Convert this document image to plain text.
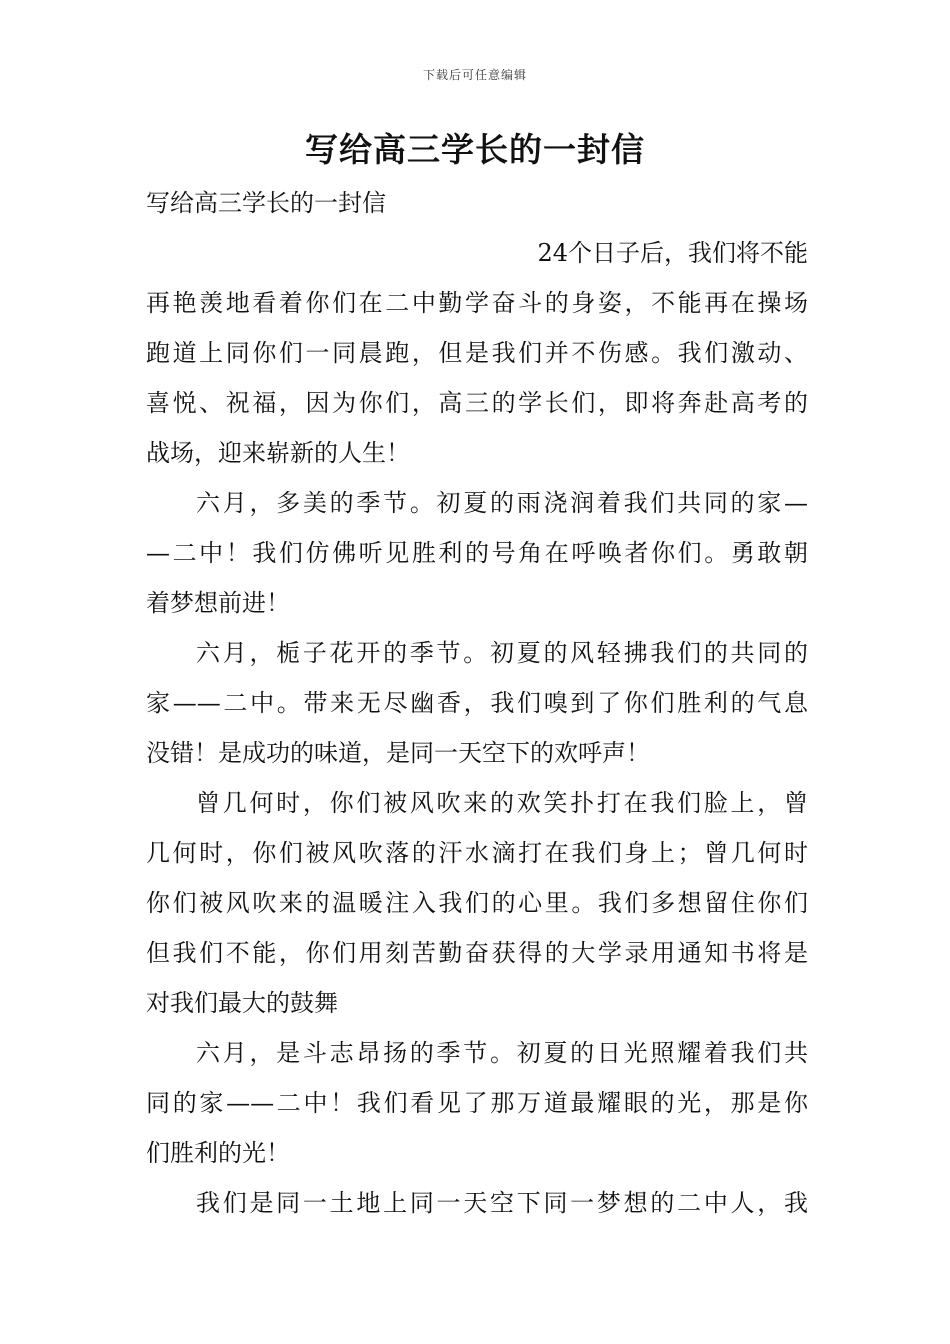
下载后可任意编辑
写给高三学长的一封信
写给高三学长的一封信
24个日子后，我们将不能
再艳羡地看着你们在二中勤学奋斗的身姿，不能再在操场
跑道上同你们一同晨跑，但是我们并不伤感。我们激动、
喜悦、祝福，因为你们，高三的学长们，即将奔赴高考的
战场，迎来崭新的人生！
六月，多美的季节。初夏的雨浇润着我们共同的家—
—二中！我们仿佛听见胜利的号角在呼唤者你们。勇敢朝
着梦想前进！
六月，栀子花开的季节。初夏的风轻拂我们的共同的
家——二中。带来无尽幽香，我们嗅到了你们胜利的气息
没错！是成功的味道，是同一天空下的欢呼声！
曾几何时，你们被风吹来的欢笑扑打在我们脸上，曾
几何时，你们被风吹落的汗水滴打在我们身上；曾几何时
你们被风吹来的温暖注入我们的心里。我们多想留住你们
但我们不能，你们用刻苦勤奋获得的大学录用通知书将是
对我们最大的鼓舞
六月，是斗志昂扬的季节。初夏的日光照耀着我们共
同的家——二中！我们看见了那万道最耀眼的光，那是你
们胜利的光！
我们是同一土地上同一天空下同一梦想的二中人，我
